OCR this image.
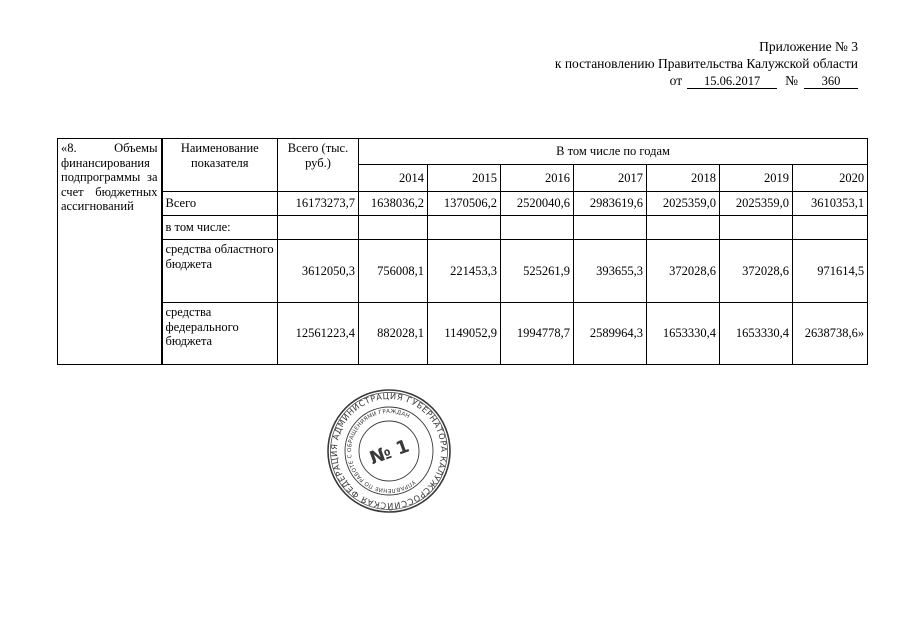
Приложение № 3
к постановлению Правительства Калужской области
от 15.06.2017 № 360
«8. Объемы финансирования подпрограммы за счет бюджетных ассигнований	Наименование показателя	Всего (тыс. руб.)	В том числе по годам						
			2014	2015	2016	2017	2018	2019	2020
	Всего	16173273,7	1638036,2	1370506,2	2520040,6	2983619,6	2025359,0	2025359,0	3610353,1
	в том числе:								
	средства областного бюджета	3612050,3	756008,1	221453,3	525261,9	393655,3	372028,6	372028,6	971614,5
	средства федерального бюджета	12561223,4	882028,1	1149052,9	1994778,7	2589964,3	1653330,4	1653330,4	2638738,6»
РОССИЙСКАЯ ФЕДЕРАЦИЯ АДМИНИСТРАЦИЯ ГУБЕРНАТОРА КАЛУЖСКОЙ
УПРАВЛЕНИЕ ПО РАБОТЕ С ОБРАЩЕНИЯМИ ГРАЖДАН
№ 1
